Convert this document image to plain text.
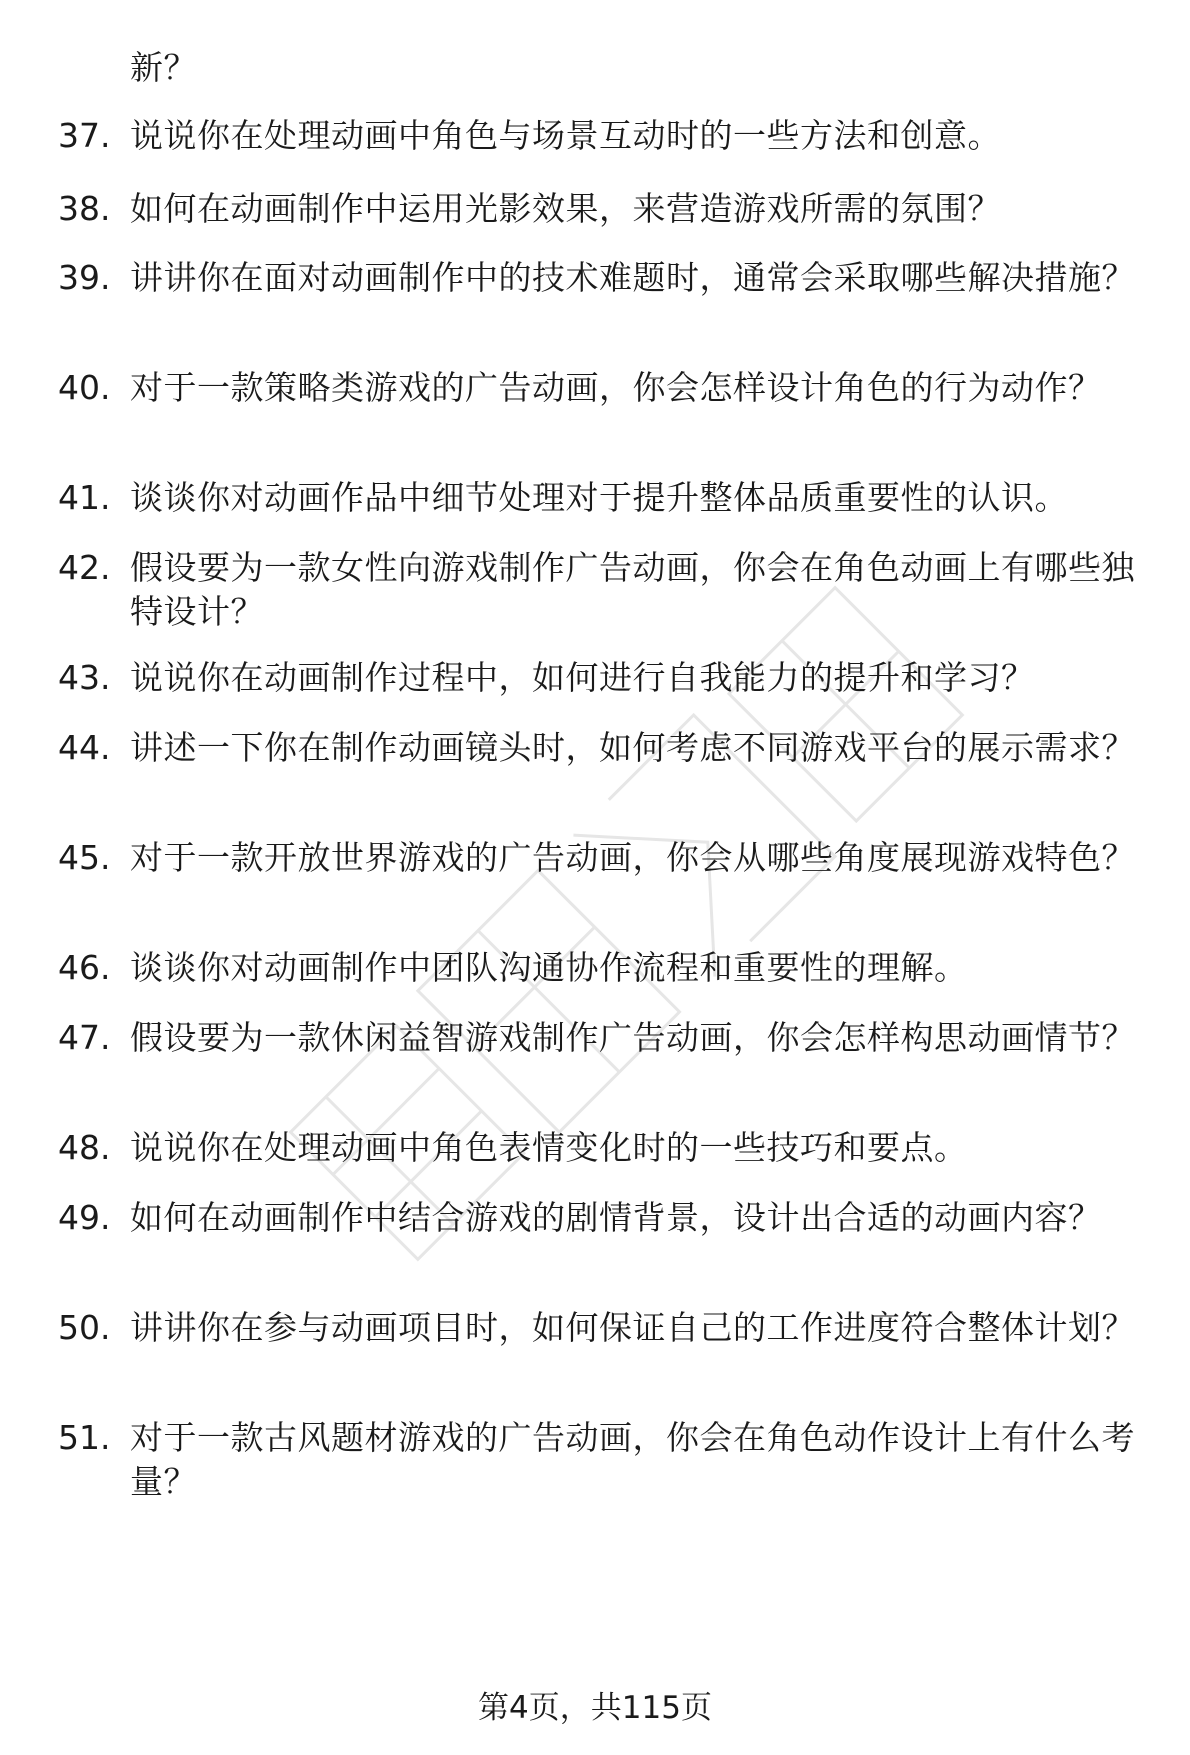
新？
37. 说说你在处理动画中角色与场景互动时的一些方法和创意。
38. 如何在动画制作中运用光影效果，来营造游戏所需的氛围？
39. 讲讲你在面对动画制作中的技术难题时，通常会采取哪些解决措施？
40. 对于一款策略类游戏的广告动画，你会怎样设计角色的行为动作？
41. 谈谈你对动画作品中细节处理对于提升整体品质重要性的认识。
42. 假设要为一款女性向游戏制作广告动画，你会在角色动画上有哪些独特设计？
43. 说说你在动画制作过程中，如何进行自我能力的提升和学习？
44. 讲述一下你在制作动画镜头时，如何考虑不同游戏平台的展示需求？
45. 对于一款开放世界游戏的广告动画，你会从哪些角度展现游戏特色？
46. 谈谈你对动画制作中团队沟通协作流程和重要性的理解。
47. 假设要为一款休闲益智游戏制作广告动画，你会怎样构思动画情节？
48. 说说你在处理动画中角色表情变化时的一些技巧和要点。
49. 如何在动画制作中结合游戏的剧情背景，设计出合适的动画内容？
50. 讲讲你在参与动画项目时，如何保证自己的工作进度符合整体计划？
51. 对于一款古风题材游戏的广告动画，你会在角色动作设计上有什么考量？
第4页，共115页
